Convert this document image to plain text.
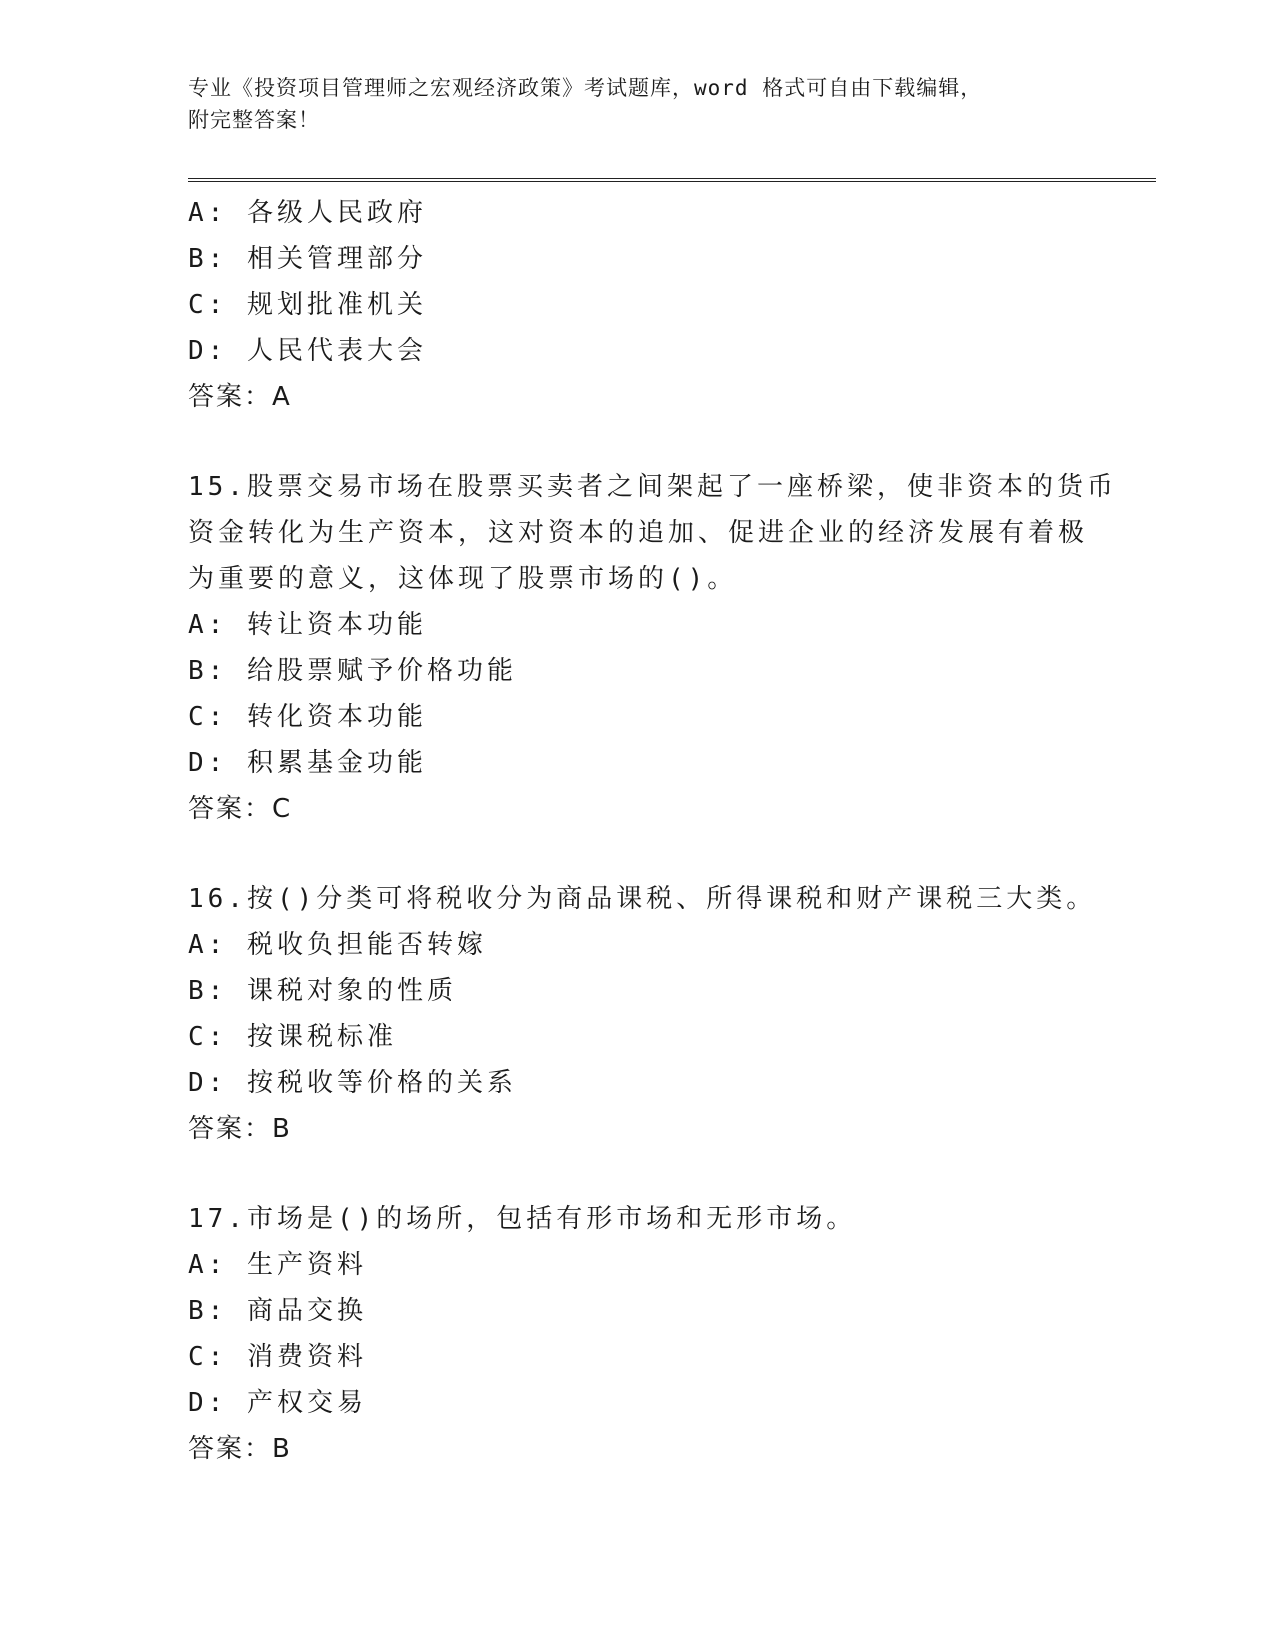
专业《投资项目管理师之宏观经济政策》考试题库，word 格式可自由下载编辑，
附完整答案！
A: 各级人民政府
B: 相关管理部分
C: 规划批准机关
D: 人民代表大会
答案：A
15.股票交易市场在股票买卖者之间架起了一座桥梁，使非资本的货币
资金转化为生产资本，这对资本的追加、促进企业的经济发展有着极
为重要的意义，这体现了股票市场的()。
A: 转让资本功能
B: 给股票赋予价格功能
C: 转化资本功能
D: 积累基金功能
答案：C
16.按()分类可将税收分为商品课税、所得课税和财产课税三大类。
A: 税收负担能否转嫁
B: 课税对象的性质
C: 按课税标准
D: 按税收等价格的关系
答案：B
17.市场是()的场所，包括有形市场和无形市场。
A: 生产资料
B: 商品交换
C: 消费资料
D: 产权交易
答案：B
